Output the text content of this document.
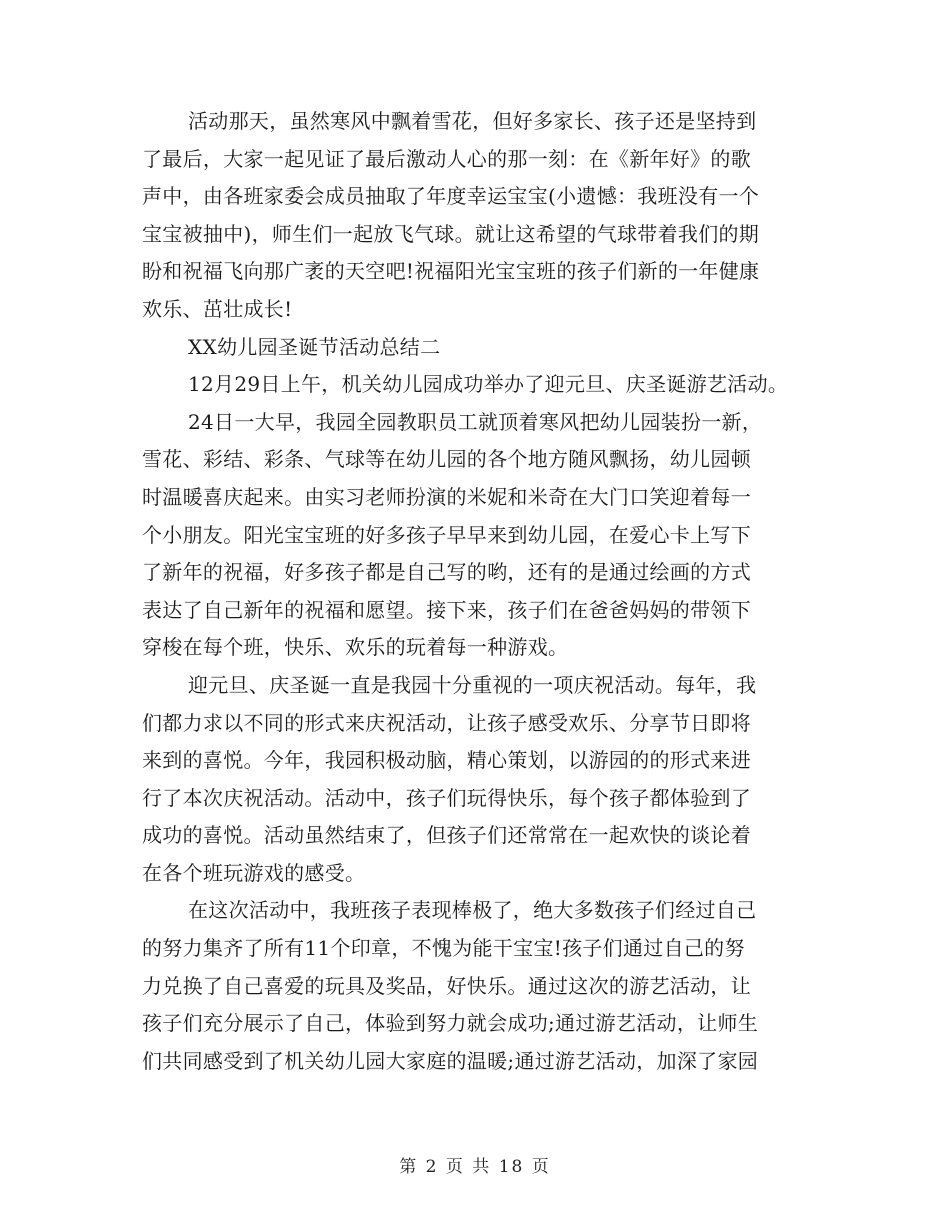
活动那天，虽然寒风中飘着雪花，但好多家长、孩子还是坚持到
了最后，大家一起见证了最后激动人心的那一刻：在《新年好》的歌
声中，由各班家委会成员抽取了年度幸运宝宝(小遗憾：我班没有一个
宝宝被抽中)，师生们一起放飞气球。就让这希望的气球带着我们的期
盼和祝福飞向那广袤的天空吧!祝福阳光宝宝班的孩子们新的一年健康
欢乐、茁壮成长!
XX幼儿园圣诞节活动总结二
12月29日上午，机关幼儿园成功举办了迎元旦、庆圣诞游艺活动。
24日一大早，我园全园教职员工就顶着寒风把幼儿园装扮一新，
雪花、彩结、彩条、气球等在幼儿园的各个地方随风飘扬，幼儿园顿
时温暖喜庆起来。由实习老师扮演的米妮和米奇在大门口笑迎着每一
个小朋友。阳光宝宝班的好多孩子早早来到幼儿园，在爱心卡上写下
了新年的祝福，好多孩子都是自己写的哟，还有的是通过绘画的方式
表达了自己新年的祝福和愿望。接下来，孩子们在爸爸妈妈的带领下
穿梭在每个班，快乐、欢乐的玩着每一种游戏。
迎元旦、庆圣诞一直是我园十分重视的一项庆祝活动。每年，我
们都力求以不同的形式来庆祝活动，让孩子感受欢乐、分享节日即将
来到的喜悦。今年，我园积极动脑，精心策划，以游园的的形式来进
行了本次庆祝活动。活动中，孩子们玩得快乐，每个孩子都体验到了
成功的喜悦。活动虽然结束了，但孩子们还常常在一起欢快的谈论着
在各个班玩游戏的感受。
在这次活动中，我班孩子表现棒极了，绝大多数孩子们经过自己
的努力集齐了所有11个印章，不愧为能干宝宝!孩子们通过自己的努
力兑换了自己喜爱的玩具及奖品，好快乐。通过这次的游艺活动，让
孩子们充分展示了自己，体验到努力就会成功;通过游艺活动，让师生
们共同感受到了机关幼儿园大家庭的温暖;通过游艺活动，加深了家园
第 2 页 共 18 页
